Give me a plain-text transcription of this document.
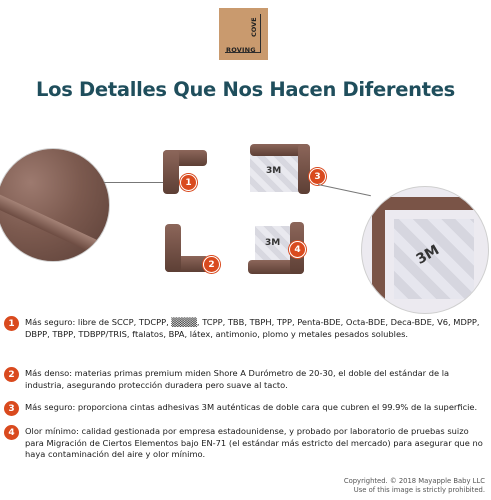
ROVING
COVE
Los Detalles Que Nos Hacen Diferentes
1
2
3M
3
3M
4	3M
1	Más seguro: libre de SCCP, TDCPP, ▒▒▒▒, TCPP, TBB, TBPH, TPP, Penta-BDE, Octa-BDE, Deca-BDE, V6, MDPP, DBPP, TBPP, TDBPP/TRIS, ftalatos, BPA, látex, antimonio, plomo y metales pesados solubles.
2	Más denso: materias primas premium miden Shore A Durómetro de 20-30, el doble del estándar de la industria, asegurando protección duradera pero suave al tacto.
3	Más seguro: proporciona cintas adhesivas 3M auténticas de doble cara que cubren el 99.9% de la superficie.
4	Olor mínimo: calidad gestionada por empresa estadounidense, y probado por laboratorio de pruebas suizo para Migración de Ciertos Elementos bajo EN-71 (el estándar más estricto del mercado) para asegurar que no haya contaminación del aire y olor mínimo.
Copyrighted. © 2018 Mayapple Baby LLC
Use of this image is strictly prohibited.
